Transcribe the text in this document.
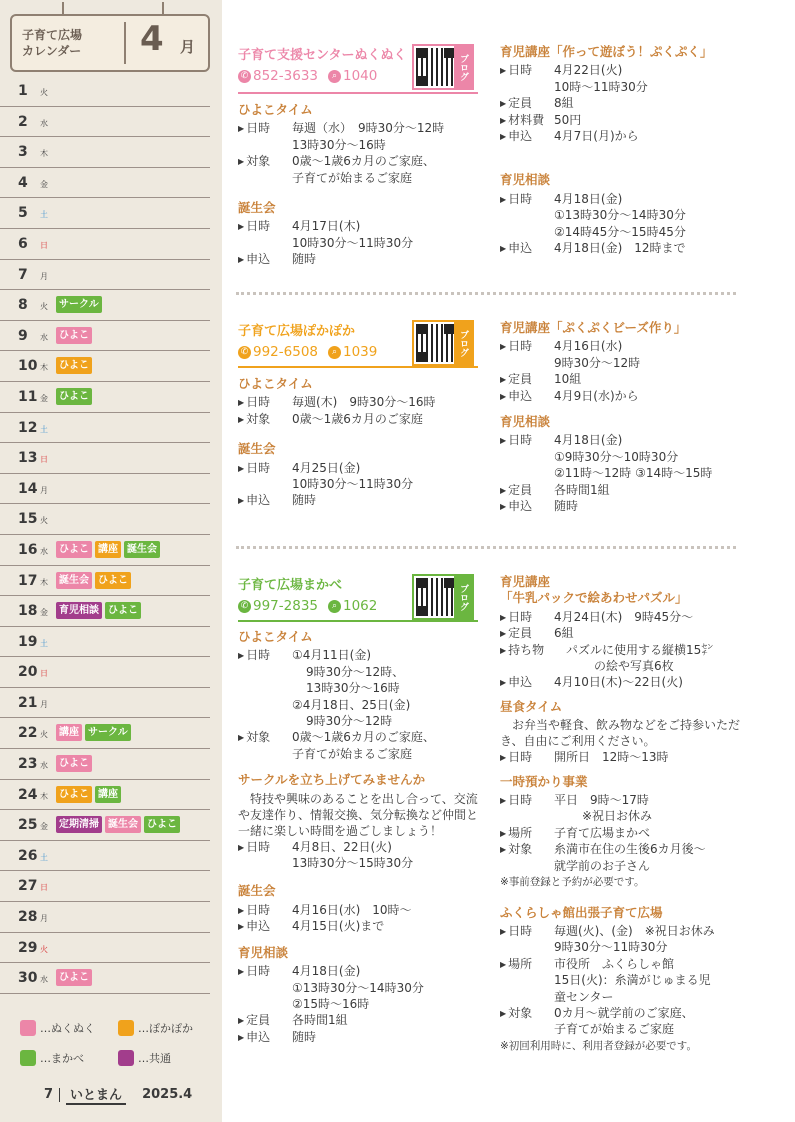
子育て広場
カレンダー 4 月
1	火
2	水
3	木
4	金
5	土
6	日
7	月
8	火	サークル
9	水	ひよこ
10 木	ひよこ
11 金	ひよこ
12 土
13 日
14 月
15 火
16 水	ひよこ 講座 誕生会
17 木	誕生会 ひよこ
18 金	育児相談 ひよこ
19 土
20 日
21 月
22 火	講座 サークル
23 水	ひよこ
24 木	ひよこ 講座
25 金	定期清掃 誕生会 ひよこ
26 土
27 日
28 月
29 火
30 水	ひよこ
…ぬくぬく	…ぽかぽか
…まかべ	…共通
7	いとまん	2025.4
子育て支援センターぬくぬく
✆ 852-3633	⌕ 1040	ブログ
ひよこタイム
▶ 日時 毎週（水）　9時30分～12時
13時30分～16時
▶ 対象 0歳～1歳6カ月のご家庭、
子育てが始まるご家庭
誕生会
▶ 日時 4月17日(木)
10時30分～11時30分
▶ 申込 随時
育児講座「作って遊ぼう！ぷくぷく」
▶ 日時 4月22日(火)
10時～11時30分
▶ 定員 8組
▶ 材料費 50円
▶ 申込 4月7日(月)から
育児相談
▶ 日時 4月18日(金)
①13時30分～14時30分
②14時45分～15時45分
▶ 申込 4月18日(金)　12時まで
子育て広場ぽかぽか
✆ 992-6508	⌕ 1039	ブログ
ひよこタイム
▶ 日時 毎週(木)　9時30分～16時
▶ 対象 0歳～1歳6カ月のご家庭
誕生会
▶ 日時 4月25日(金)
10時30分～11時30分
▶ 申込 随時
育児講座「ぷくぷくビーズ作り」
▶ 日時 4月16日(水)
9時30分～12時
▶ 定員 10組
▶ 申込 4月9日(水)から
育児相談
▶ 日時 4月18日(金)
①9時30分～10時30分
②11時～12時 ③14時～15時
▶ 定員 各時間1組
▶ 申込 随時
子育て広場まかべ
✆ 997-2835	⌕ 1062	ブログ
ひよこタイム
▶ 日時 ①4月11日(金)
9時30分～12時、
13時30分～16時
②4月18日、25日(金)
9時30分～12時
▶ 対象 0歳～1歳6カ月のご家庭、
子育てが始まるご家庭
サークルを立ち上げてみませんか
　特技や興味のあることを出し合って、交流や友達作り、情報交換、気分転換など仲間と一緒に楽しい時間を過ごしましょう！
▶ 日時 4月8日、22日(火)
13時30分～15時30分
誕生会
▶ 日時 4月16日(水)　10時～
▶ 申込 4月15日(火)まで
育児相談
▶ 日時 4月18日(金)
①13時30分～14時30分
②15時～16時
▶ 定員 各時間1組
▶ 申込 随時
育児講座
「牛乳パックで絵あわせパズル」
▶ 日時 4月24日(木)　9時45分～
▶ 定員 6組
▶ 持ち物 パズルに使用する縦横15㌢
の絵や写真6枚
▶ 申込 4月10日(木)～22日(火)
昼食タイム
　お弁当や軽食、飲み物などをご持参いただき、自由にご利用ください。
▶ 日時 開所日　12時～13時
一時預かり事業
▶ 日時 平日　9時～17時
※祝日お休み
▶ 場所 子育て広場まかべ
▶ 対象 糸満市在住の生後6カ月後～
就学前のお子さん
※事前登録と予約が必要です。
ふくらしゃ館出張子育て広場
▶ 日時 毎週(火)、(金)　※祝日お休み
9時30分～11時30分
▶ 場所 市役所　ふくらしゃ館
15日(火)：糸満がじゅまる児
童センター
▶ 対象 0カ月～就学前のご家庭、
子育てが始まるご家庭
※初回利用時に、利用者登録が必要です。
